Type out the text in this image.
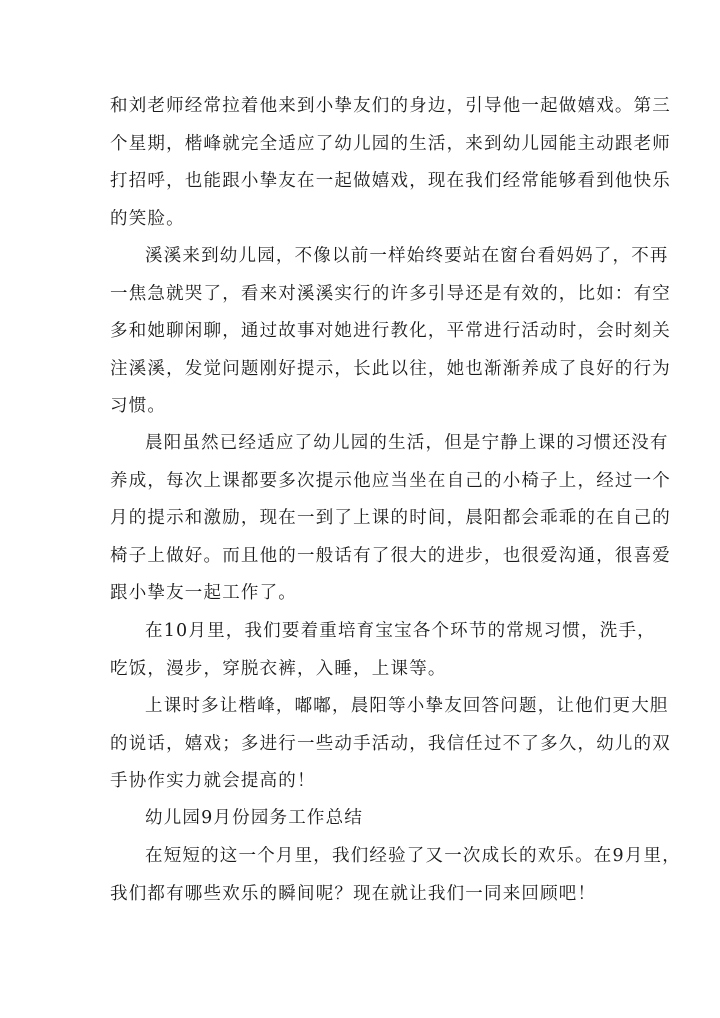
和刘老师经常拉着他来到小挚友们的身边，引导他一起做嬉戏。第三
个星期，楷峰就完全适应了幼儿园的生活，来到幼儿园能主动跟老师
打招呼，也能跟小挚友在一起做嬉戏，现在我们经常能够看到他快乐
的笑脸。
溪溪来到幼儿园，不像以前一样始终要站在窗台看妈妈了，不再
一焦急就哭了，看来对溪溪实行的许多引导还是有效的，比如：有空
多和她聊闲聊，通过故事对她进行教化，平常进行活动时，会时刻关
注溪溪，发觉问题刚好提示，长此以往，她也渐渐养成了良好的行为
习惯。
晨阳虽然已经适应了幼儿园的生活，但是宁静上课的习惯还没有
养成，每次上课都要多次提示他应当坐在自己的小椅子上，经过一个
月的提示和激励，现在一到了上课的时间，晨阳都会乖乖的在自己的
椅子上做好。而且他的一般话有了很大的进步，也很爱沟通，很喜爱
跟小挚友一起工作了。
在10月里，我们要着重培育宝宝各个环节的常规习惯，洗手，
吃饭，漫步，穿脱衣裤，入睡，上课等。
上课时多让楷峰，嘟嘟，晨阳等小挚友回答问题，让他们更大胆
的说话，嬉戏；多进行一些动手活动，我信任过不了多久，幼儿的双
手协作实力就会提高的！
幼儿园9月份园务工作总结
在短短的这一个月里，我们经验了又一次成长的欢乐。在9月里，
我们都有哪些欢乐的瞬间呢？现在就让我们一同来回顾吧！
